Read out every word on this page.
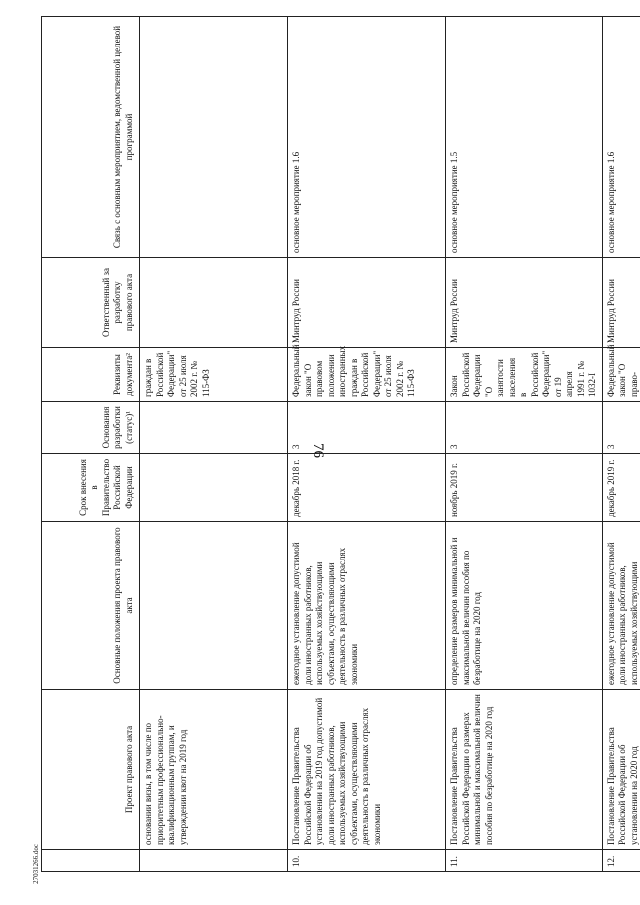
76
27031266.doc
	Проект правового акта	Основные положения проекта правового акта	Срок внесения в Правительство Российской Федерации	Основания разработки (статус)¹	Реквизиты документа²	Ответственный за разработку правового акта	Связь с основным мероприятием, ведомственной целевой программой
	основании визы, в том числе по приоритетным профессионально-квалификационным группам, и утверждении квот на 2019 год				граждан в Российской Федерации" от 25 июля 2002 г. № 115-ФЗ		
10.	Постановление Правительства Российской Федерации об установлении на 2019 год допустимой доли иностранных работников, используемых хозяйствующими субъектами, осуществляющими деятельность в различных отраслях экономики	ежегодное установление допустимой доли иностранных работников, используемых хозяйствующими субъектами, осуществляющими деятельность в различных отраслях экономики	декабрь 2018 г.	3	Федеральный закон "О правовом положении иностранных граждан в Российской Федерации" от 25 июля 2002 г. № 115-ФЗ	Минтруд России	основное мероприятие 1.6
11.	Постановление Правительства Российской Федерации о размерах минимальной и максимальной величин пособия по безработице на 2020 год	определение размеров минимальной и максимальной величин пособия по безработице на 2020 год	ноябрь 2019 г.	3	Закон Российской Федерации "О занятости населения в Российской Федерации" от 19 апреля 1991 г. № 1032-I	Минтруд России	основное мероприятие 1.5
12.	Постановление Правительства Российской Федерации об установлении на 2020 год	ежегодное установление допустимой доли иностранных работников, используемых хозяйствующими	декабрь 2019 г.	3	Федеральный закон "О право-	Минтруд России	основное мероприятие 1.6
